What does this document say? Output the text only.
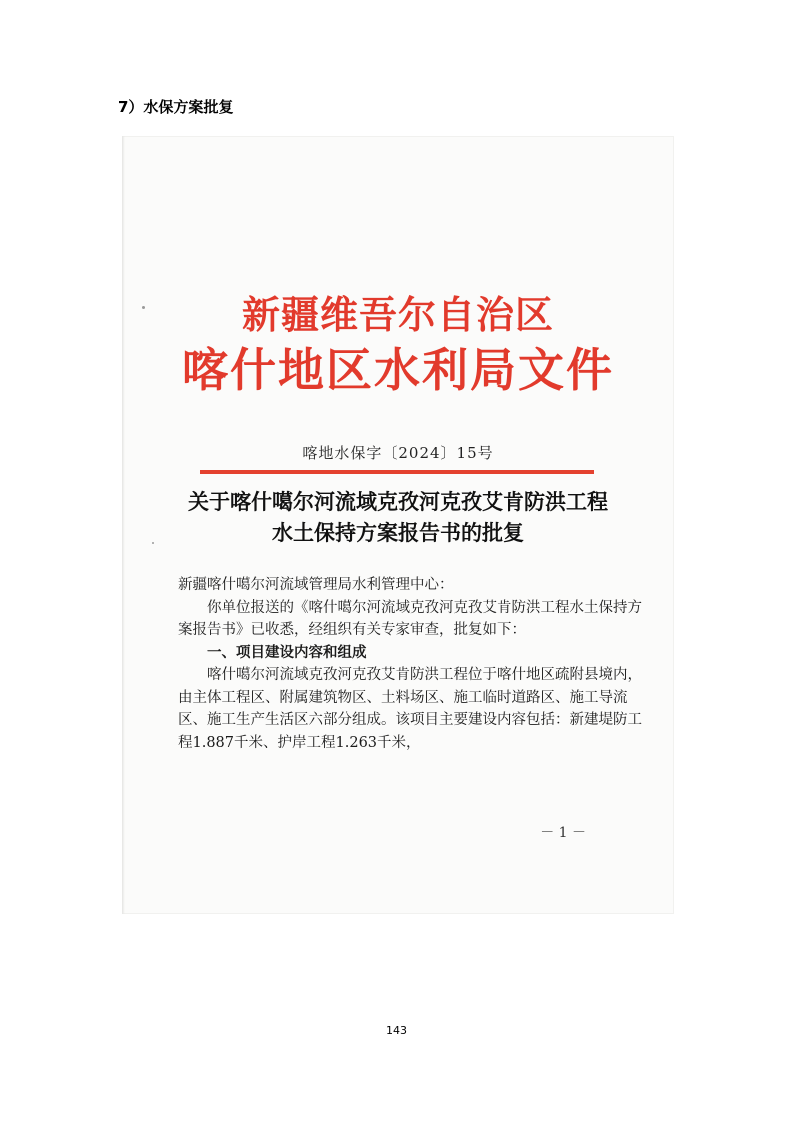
7）水保方案批复
新疆维吾尔自治区
喀什地区水利局文件
喀地水保字〔2024〕15号
关于喀什噶尔河流域克孜河克孜艾肯防洪工程
水土保持方案报告书的批复

新疆喀什噶尔河流域管理局水利管理中心：

你单位报送的《喀什噶尔河流域克孜河克孜艾肯防洪工程水土保持方案报告书》已收悉，经组织有关专家审查，批复如下：

一、项目建设内容和组成

喀什噶尔河流域克孜河克孜艾肯防洪工程位于喀什地区疏附县境内，由主体工程区、附属建筑物区、土料场区、施工临时道路区、施工导流区、施工生产生活区六部分组成。该项目主要建设内容包括：新建堤防工程1.887千米、护岸工程1.263千米，

－ 1 －
143
